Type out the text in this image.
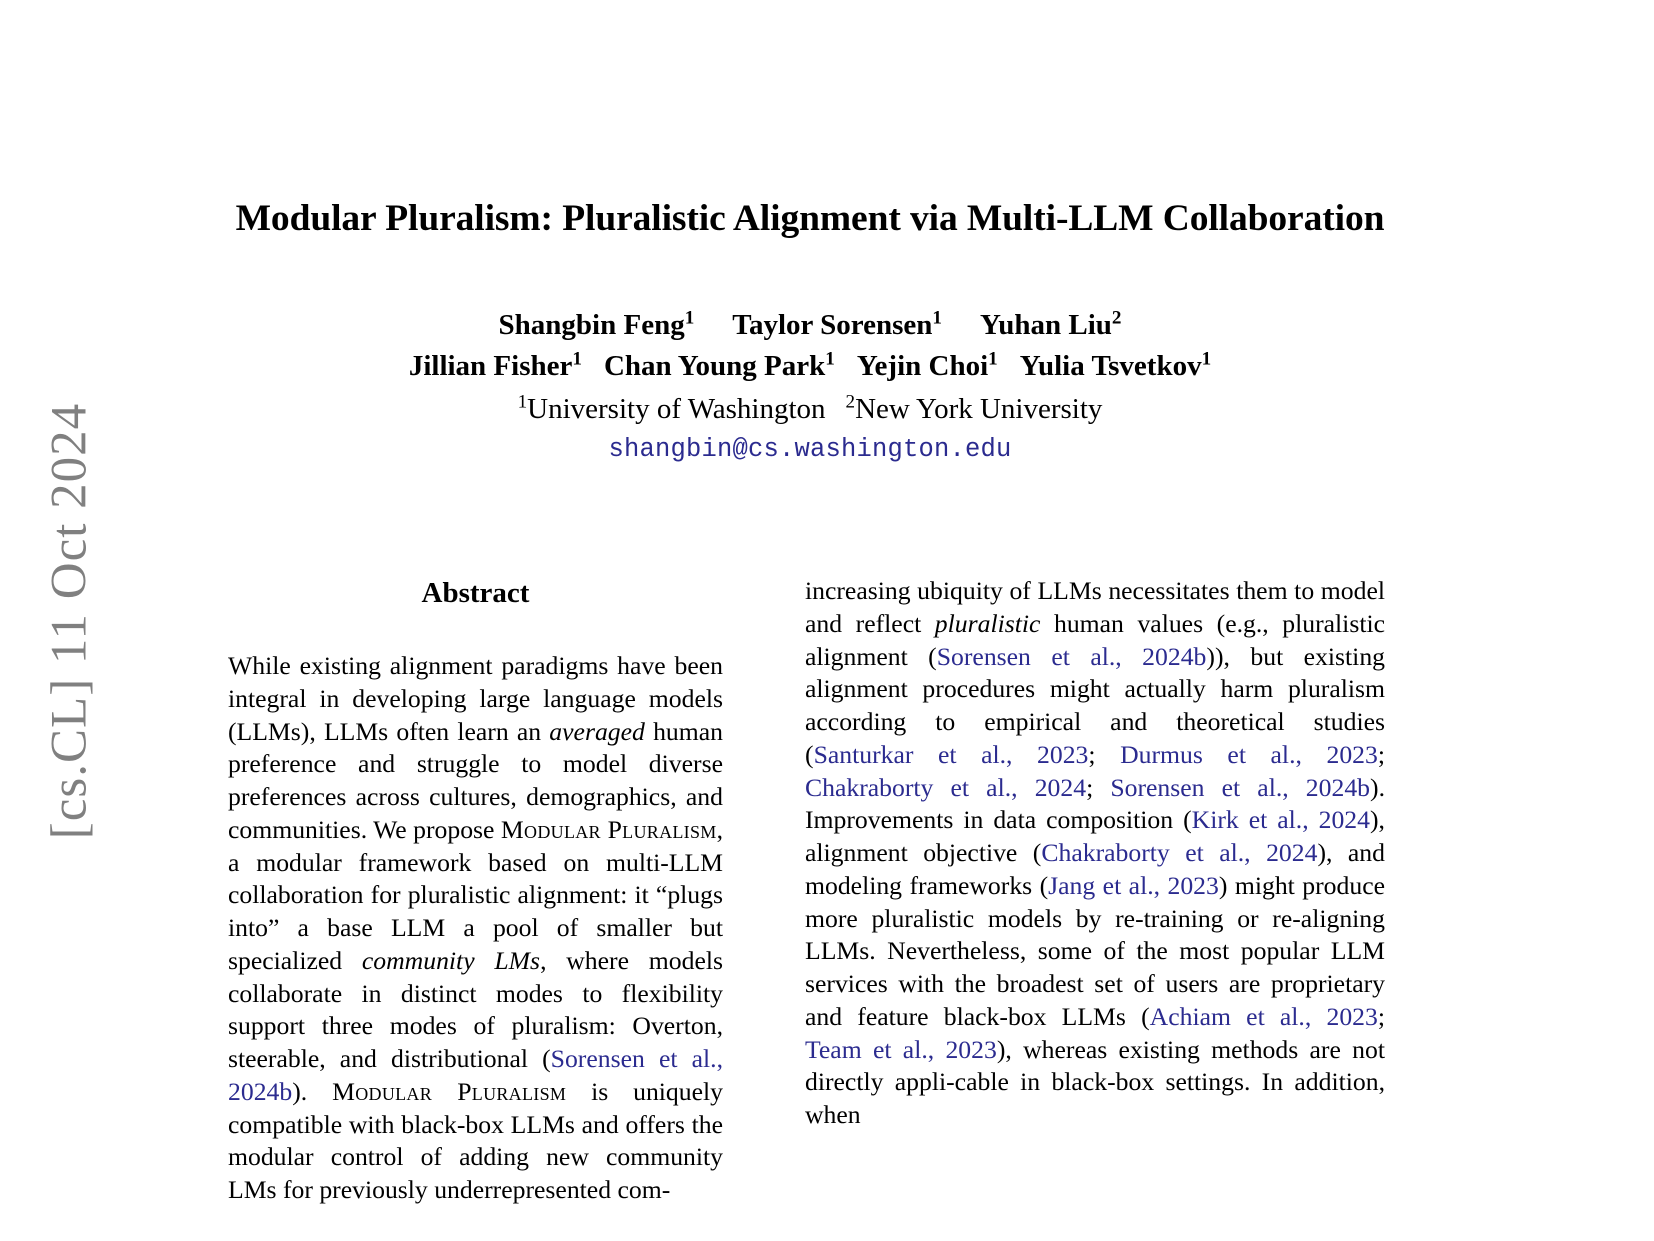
[cs.CL] 11 Oct 2024
Modular Pluralism: Pluralistic Alignment via Multi-LLM Collaboration
Shangbin Feng$^1$ Taylor Sorensen$^1$ Yuhan Liu$^2$
Jillian Fisher$^1$ Chan Young Park$^1$ Yejin Choi$^1$ Yulia Tsvetkov$^1$
$^1$University of Washington $^2$New York University
shangbin@cs.washington.edu
Abstract

While existing alignment paradigms have been integral in developing large language models (LLMs), LLMs often learn an averaged human preference and struggle to model diverse preferences across cultures, demographics, and communities. We propose Modular Pluralism, a modular framework based on multi-LLM collaboration for pluralistic alignment: it “plugs into” a base LLM a pool of smaller but specialized community LMs, where models collaborate in distinct modes to flexibility support three modes of pluralism: Overton, steerable, and distributional (Sorensen et al., 2024b). Modular Pluralism is uniquely compatible with black-box LLMs and offers the modular control of adding new community LMs for previously underrepresented com-

increasing ubiquity of LLMs necessitates them to model and reflect pluralistic human values (e.g., pluralistic alignment (Sorensen et al., 2024b)), but existing alignment procedures might actually harm pluralism according to empirical and theoretical studies (Santurkar et al., 2023; Durmus et al., 2023; Chakraborty et al., 2024; Sorensen et al., 2024b). Improvements in data composition (Kirk et al., 2024), alignment objective (Chakraborty et al., 2024), and modeling frameworks (Jang et al., 2023) might produce more pluralistic models by re-training or re-aligning LLMs. Nevertheless, some of the most popular LLM services with the broadest set of users are proprietary and feature black-box LLMs (Achiam et al., 2023; Team et al., 2023), whereas existing methods are not directly appli-cable in black-box settings. In addition, when
